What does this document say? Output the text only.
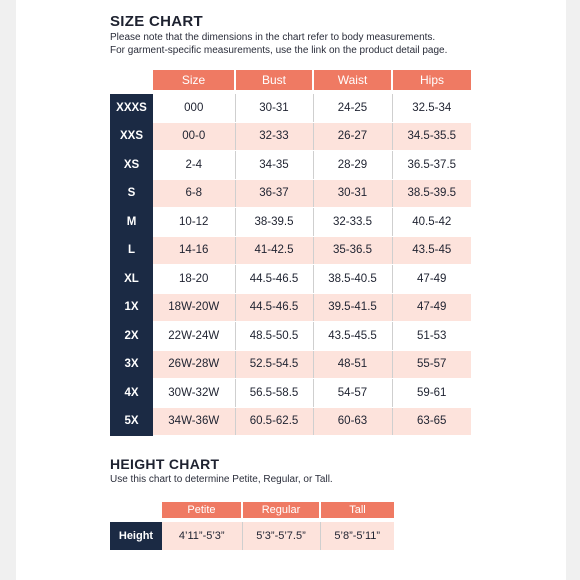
SIZE CHART
Please note that the dimensions in the chart refer to body measurements.
For garment-specific measurements, use the link on the product detail page.
	Size	Bust	Waist	Hips

XXXS	000	30-31	24-25	32.5-34
XXS	00-0	32-33	26-27	34.5-35.5
XS	2-4	34-35	28-29	36.5-37.5
S	6-8	36-37	30-31	38.5-39.5
M	10-12	38-39.5	32-33.5	40.5-42
L	14-16	41-42.5	35-36.5	43.5-45
XL	18-20	44.5-46.5	38.5-40.5	47-49
1X	18W-20W	44.5-46.5	39.5-41.5	47-49
2X	22W-24W	48.5-50.5	43.5-45.5	51-53
3X	26W-28W	52.5-54.5	48-51	55-57
4X	30W-32W	56.5-58.5	54-57	59-61
5X	34W-36W	60.5-62.5	60-63	63-65
HEIGHT CHART
Use this chart to determine Petite, Regular, or Tall.
	Petite	Regular	Tall

Height	4’11”-5’3”	5’3”-5’7.5”	5’8”-5’11”
